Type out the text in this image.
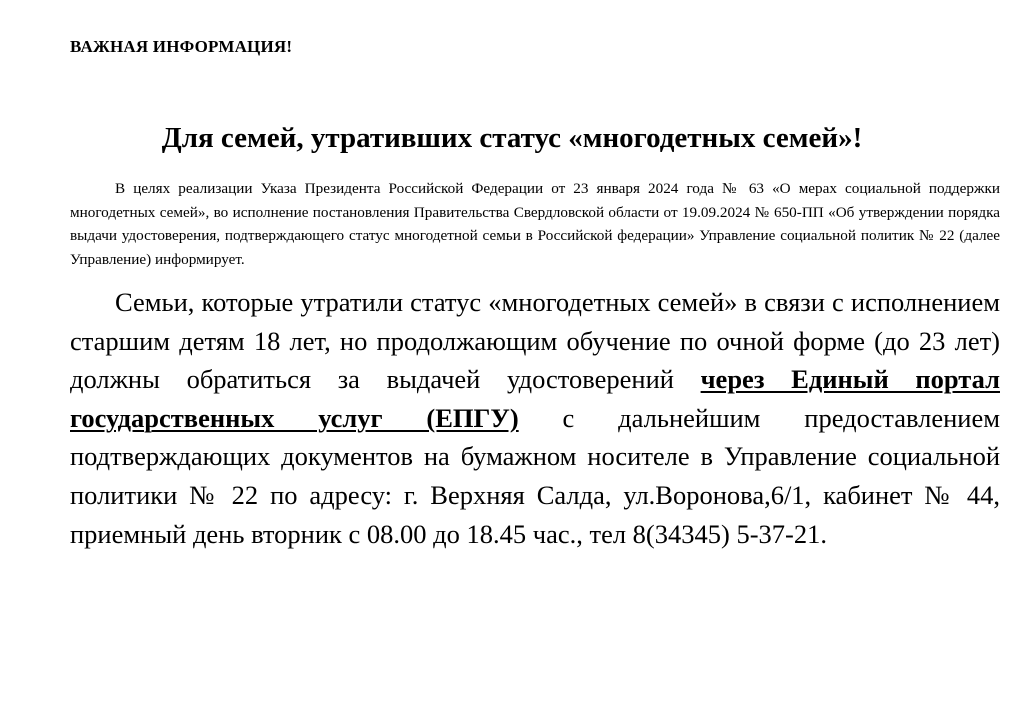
ВАЖНАЯ ИНФОРМАЦИЯ!
Для семей, утративших статус «многодетных семей»!

В целях реализации Указа Президента Российской Федерации от 23 января 2024 года № 63 «О мерах социальной поддержки многодетных семей», во исполнение постановления Правительства Свердловской области от 19.09.2024 № 650-ПП «Об утверждении порядка выдачи удостоверения, подтверждающего статус многодетной семьи в Российской федерации» Управление социальной политик № 22 (далее Управление) информирует.

Семьи, которые утратили статус «многодетных семей» в связи с исполнением старшим детям 18 лет, но продолжающим обучение по очной форме (до 23 лет) должны обратиться за выдачей удостоверений через Единый портал государственных услуг (ЕПГУ) с дальнейшим предоставлением подтверждающих документов на бумажном носителе в Управление социальной политики № 22 по адресу: г. Верхняя Салда, ул.Воронова,6/1, кабинет № 44, приемный день вторник с 08.00 до 18.45 час., тел 8(34345) 5-37-21.
